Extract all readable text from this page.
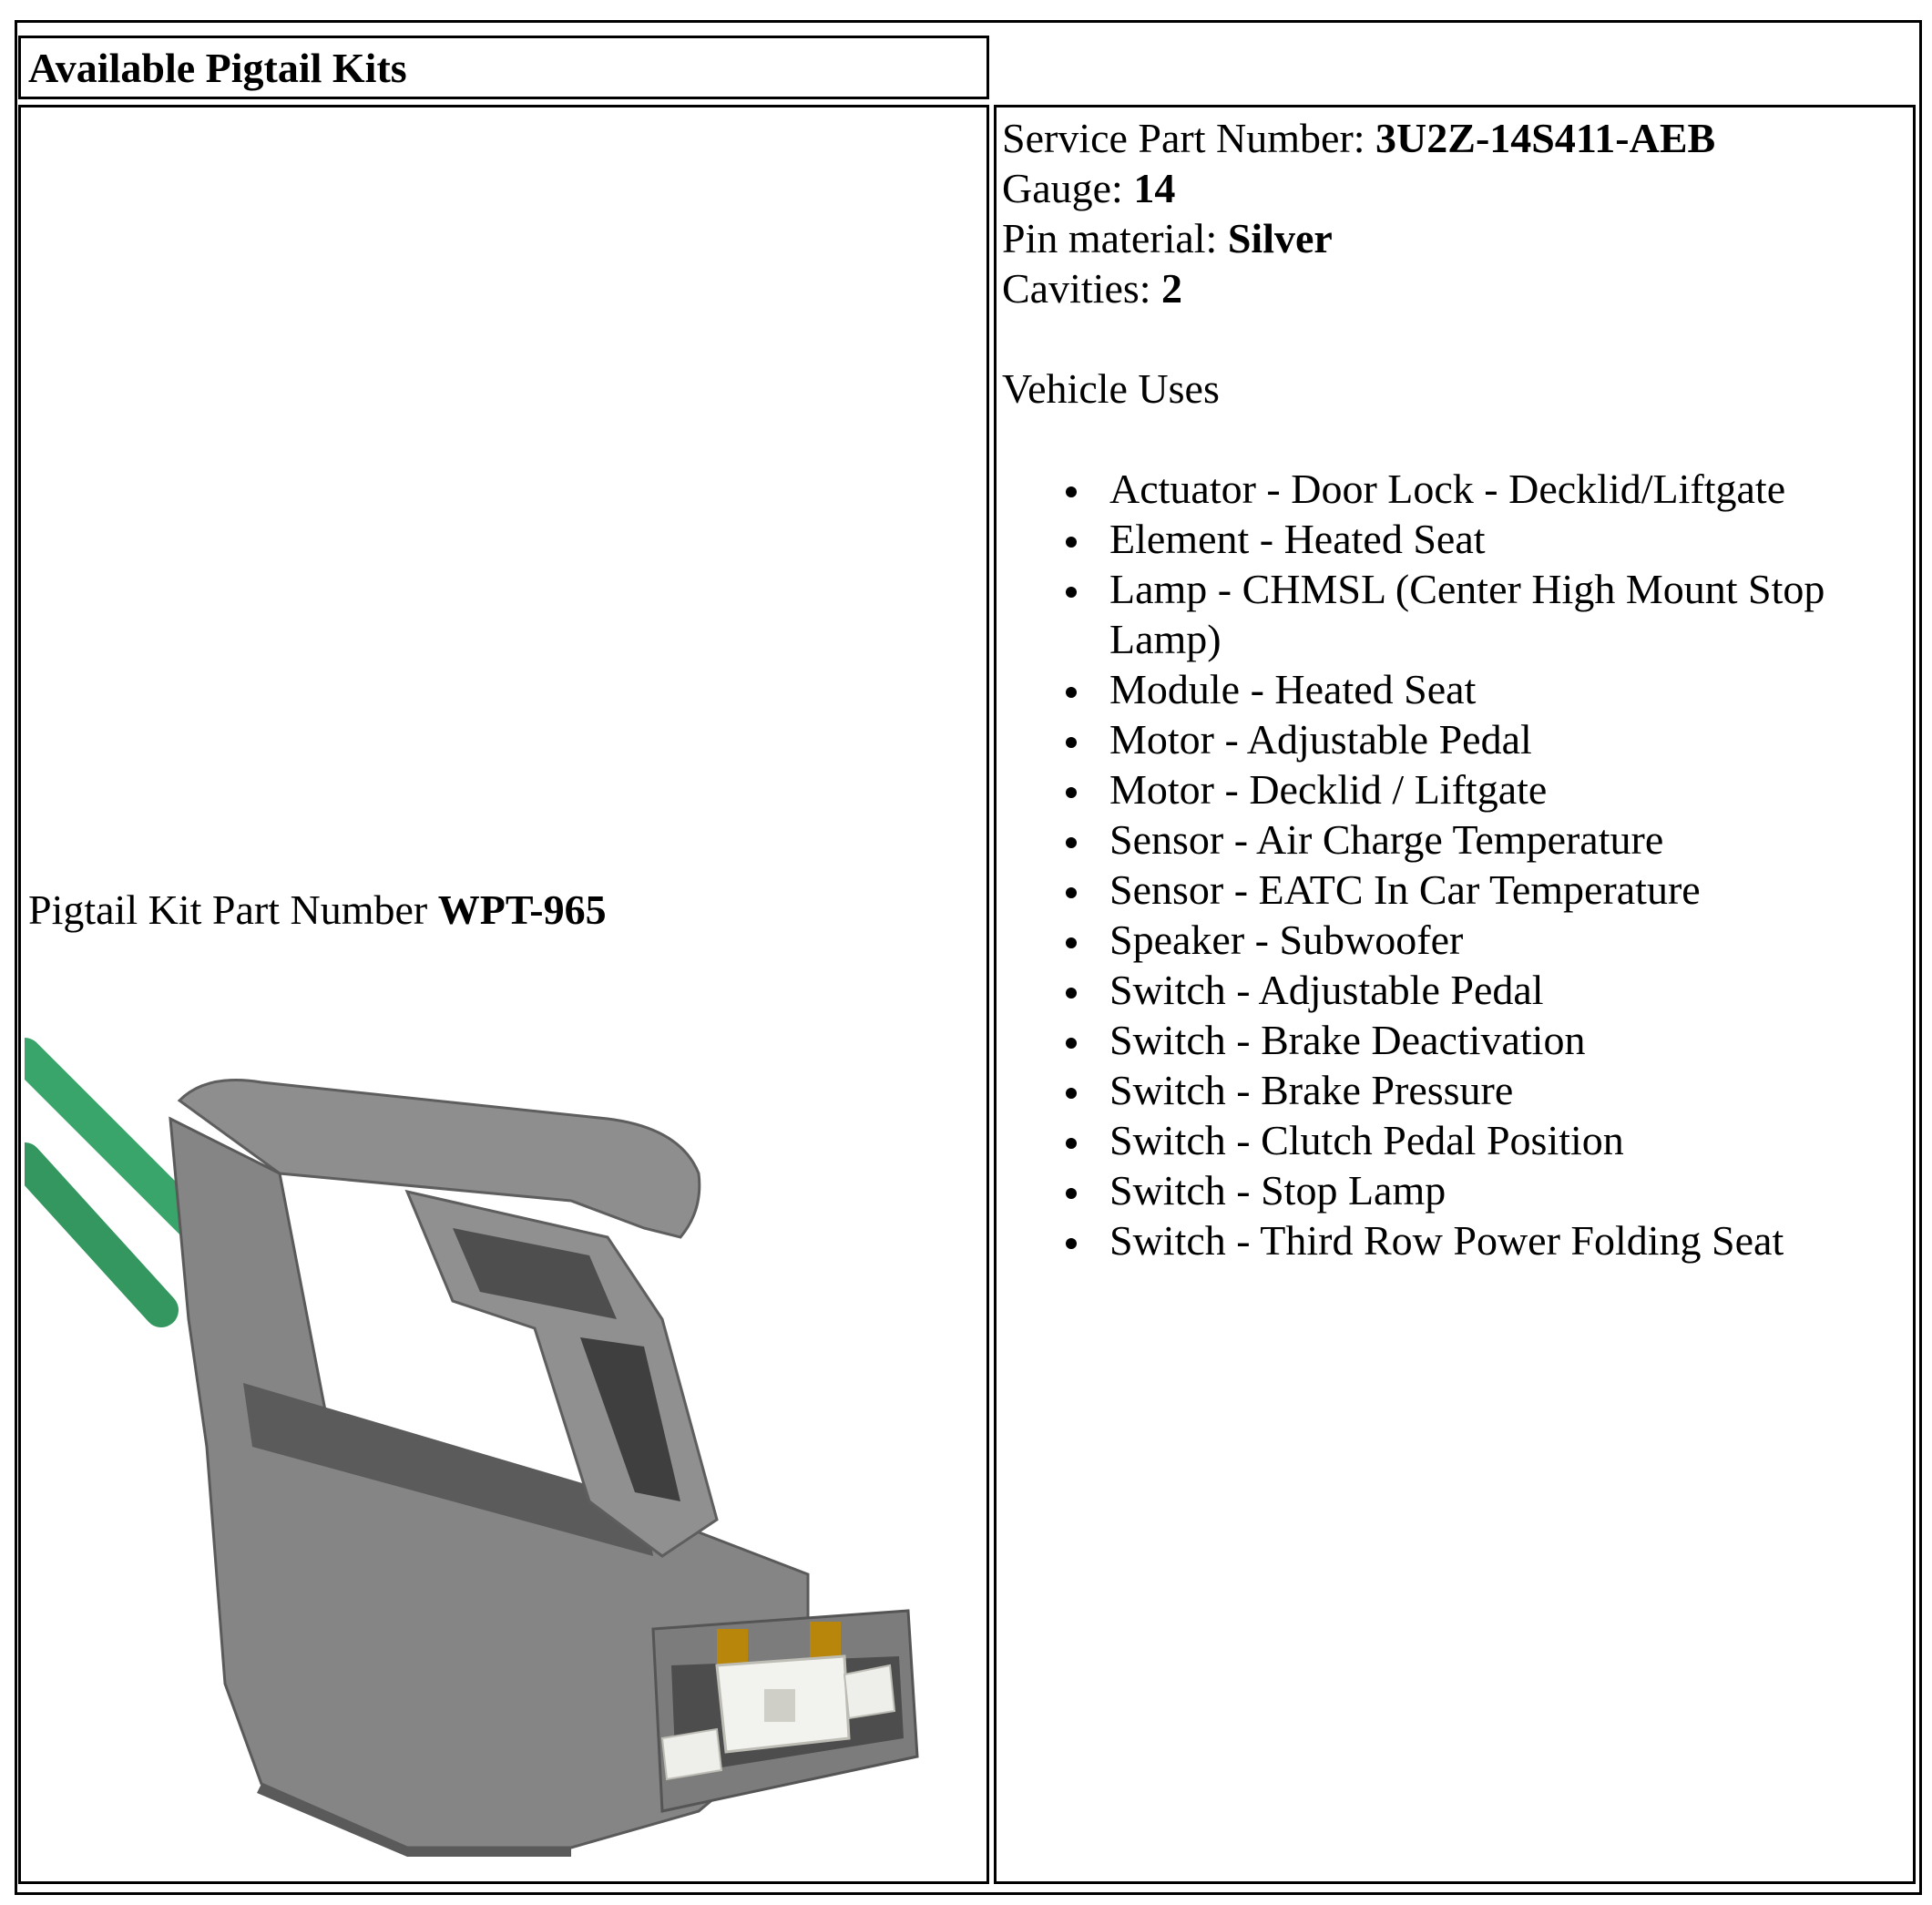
Available Pigtail Kits
Pigtail Kit Part Number WPT-965
Service Part Number: 3U2Z-14S411-AEB
Gauge: 14
Pin material: Silver
Cavities: 2
Vehicle Uses
Actuator - Door Lock - Decklid/Liftgate
Element - Heated Seat
Lamp - CHMSL (Center High Mount Stop Lamp)
Module - Heated Seat
Motor - Adjustable Pedal
Motor - Decklid / Liftgate
Sensor - Air Charge Temperature
Sensor - EATC In Car Temperature
Speaker - Subwoofer
Switch - Adjustable Pedal
Switch - Brake Deactivation
Switch - Brake Pressure
Switch - Clutch Pedal Position
Switch - Stop Lamp
Switch - Third Row Power Folding Seat
